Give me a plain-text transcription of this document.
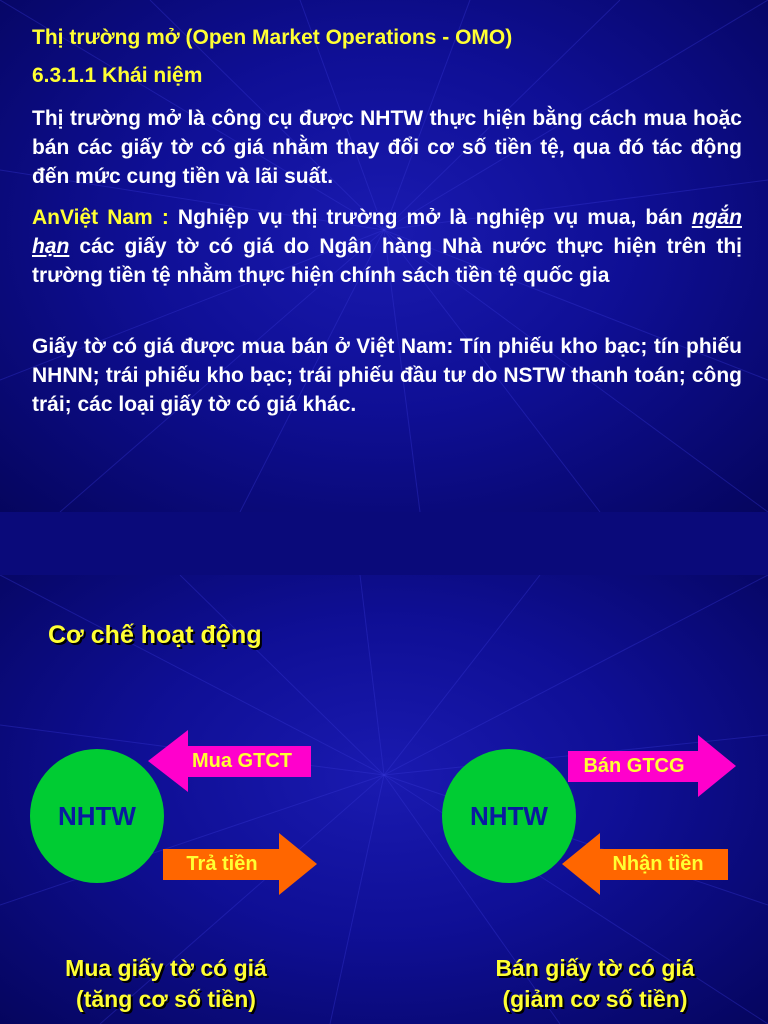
Thị trường mở (Open Market Operations - OMO)
6.3.1.1 Khái niệm
Thị trường mở là công cụ được NHTW thực hiện bằng cách mua hoặc bán các giấy tờ có giá nhằm thay đổi cơ số tiền tệ, qua đó tác động đến mức cung tiền và lãi suất.
AnViệt Nam : Nghiệp vụ thị trường mở là nghiệp vụ mua, bán ngắn hạn các giấy tờ có giá do Ngân hàng Nhà nước thực hiện trên thị trường tiền tệ nhằm thực hiện chính sách tiền tệ quốc gia
Giấy tờ có giá được mua bán ở Việt Nam: Tín phiếu kho bạc; tín phiếu NHNN; trái phiếu kho bạc; trái phiếu đầu tư do NSTW thanh toán; công trái; các loại giấy tờ có giá khác.
Cơ chế hoạt động
NHTW
Mua GTCT
Trả tiền
Mua giấy tờ có giá
(tăng cơ số tiền)
NHTW
Bán GTCG
Nhận tiền
Bán giấy tờ có giá
(giảm cơ số tiền)
